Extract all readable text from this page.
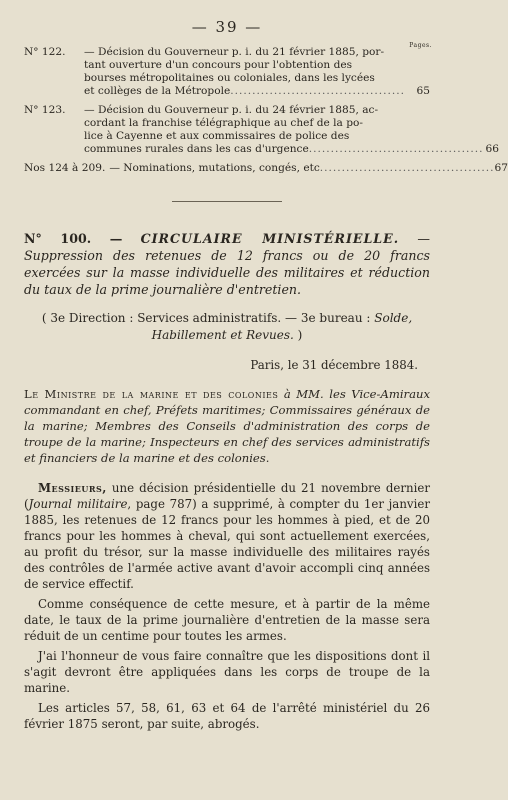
— 39 —
Pages.
N° 122.	— Décision du Gouverneur p. i. du 21 février 1885, por-
tant ouverture d'un concours pour l'obtention des
bourses métropolitaines ou coloniales, dans les lycées
et collèges de la Métropole ........................................	65
N° 123.	— Décision du Gouverneur p. i. du 24 février 1885, ac-
cordant la franchise télégraphique au chef de la po-
lice à Cayenne et aux commissaires de police des
communes rurales dans les cas d'urgence ........................................ 66
Nos 124 à 209. — Nominations, mutations, congés, etc ........................................ 67
N° 100. — CIRCULAIRE MINISTÉRIELLE. — Suppression des retenues de 12 francs ou de 20 francs exercées sur la masse individuelle des militaires et réduction du taux de la prime journalière d'entretien.
( 3e Direction : Services administratifs. — 3e bureau : Solde,
Habillement et Revues. )
Paris, le 31 décembre 1884.
Le Ministre de la marine et des colonies à MM. les Vice-Amiraux commandant en chef, Préfets maritimes; Commissaires généraux de la marine; Membres des Conseils d'administration des corps de troupe de la marine; Inspecteurs en chef des services administratifs et financiers de la marine et des colonies.

Messieurs, une décision présidentielle du 21 novembre dernier (Journal militaire, page 787) a supprimé, à compter du 1er janvier 1885, les retenues de 12 francs pour les hommes à pied, et de 20 francs pour les hommes à cheval, qui sont actuellement exercées, au profit du trésor, sur la masse individuelle des militaires rayés des contrôles de l'armée active avant d'avoir accompli cinq années de service effectif.

Comme conséquence de cette mesure, et à partir de la même date, le taux de la prime journalière d'entretien de la masse sera réduit de un centime pour toutes les armes.

J'ai l'honneur de vous faire connaître que les dispositions dont il s'agit devront être appliquées dans les corps de troupe de la marine.

Les articles 57, 58, 61, 63 et 64 de l'arrêté ministériel du 26 février 1875 seront, par suite, abrogés.
